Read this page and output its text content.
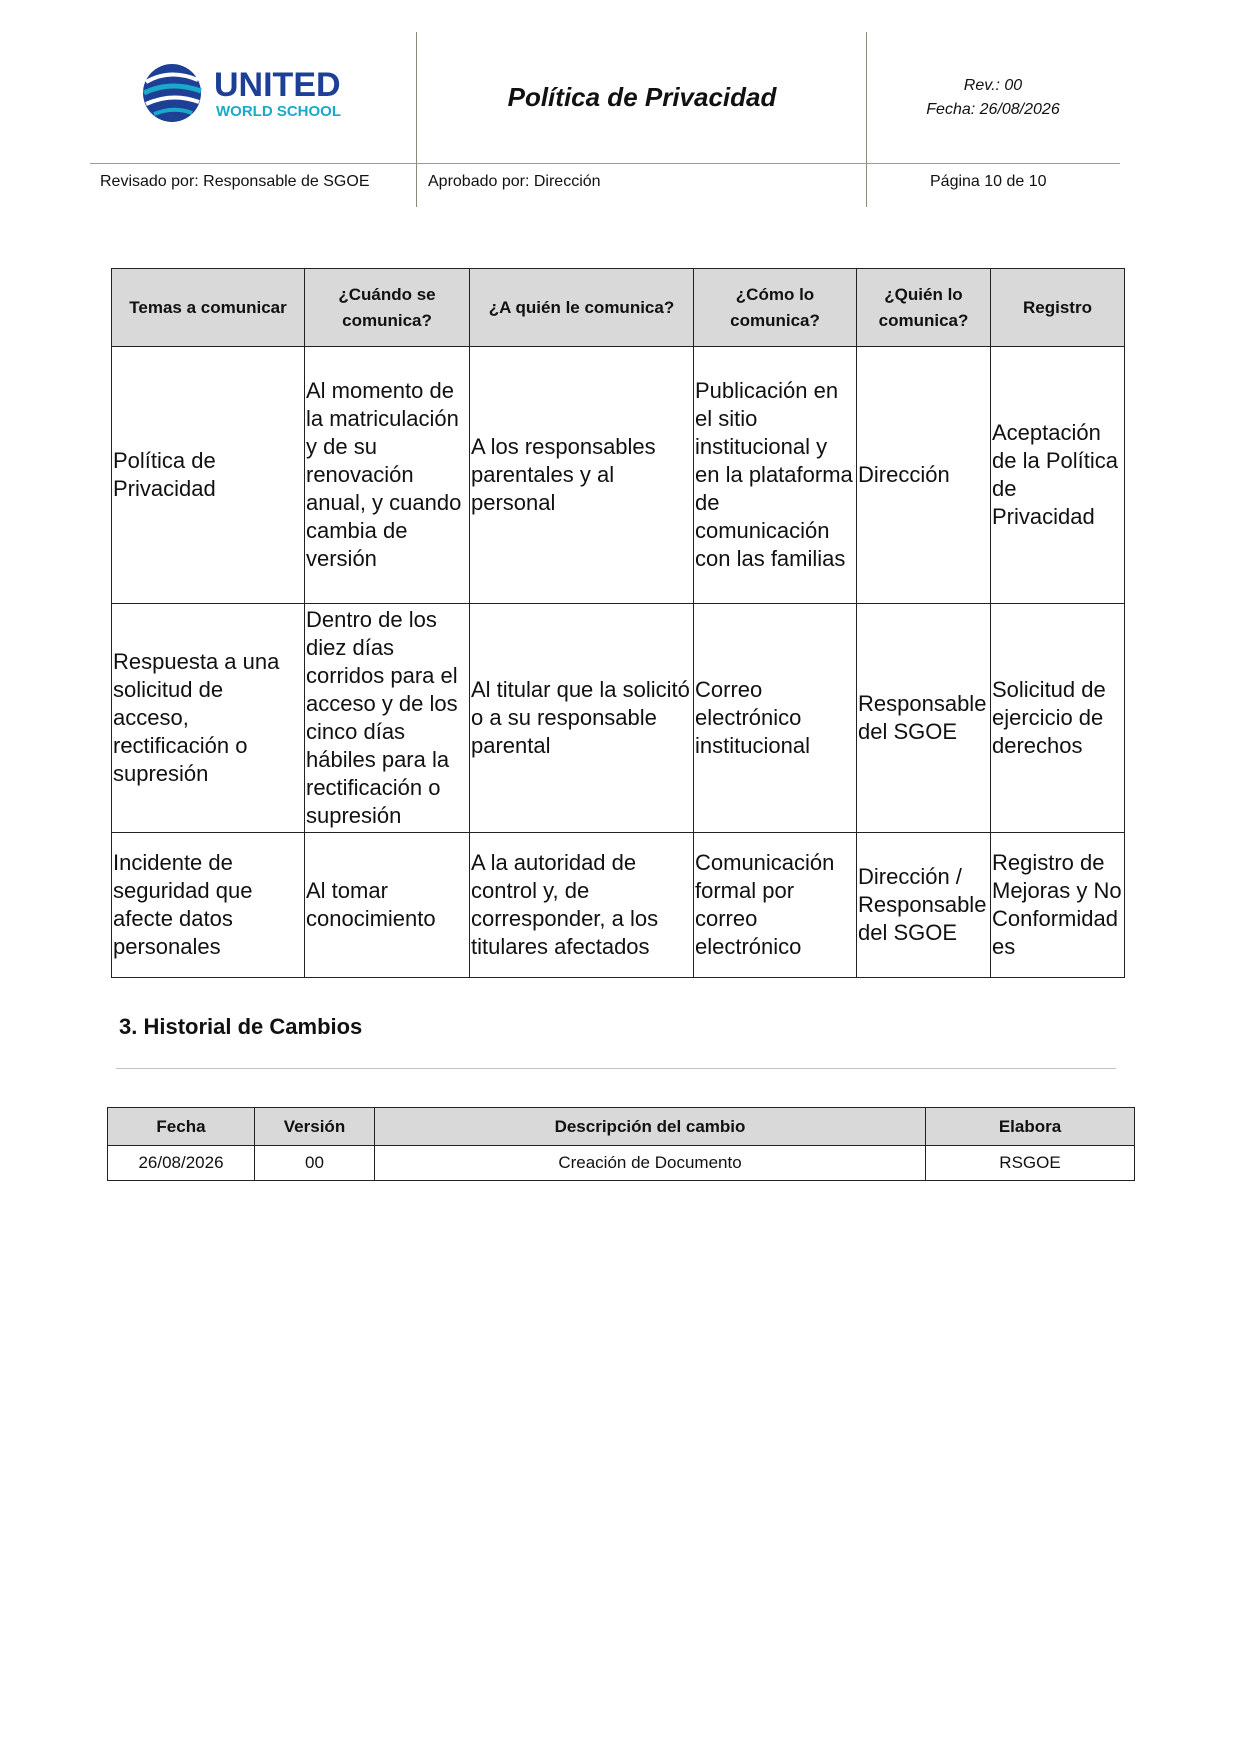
UNITED
WORLD SCHOOL	Política de Privacidad	Rev.: 00
Fecha: 26/08/2026
Revisado por: Responsable de SGOE	Aprobado por: Dirección	Página 10 de 10
Temas a comunicar	¿Cuándo se comunica?	¿A quién le comunica?	¿Cómo lo comunica?	¿Quién lo comunica?	Registro
Política de Privacidad	Al momento de la matriculación y de su renovación anual, y cuando cambia de versión	A los responsables parentales y al personal	Publicación en el sitio institucional y en la plataforma de comunicación con las familias	Dirección	Aceptación de la Política de Privacidad
Respuesta a una solicitud de acceso, rectificación o supresión	Dentro de los diez días corridos para el acceso y de los cinco días hábiles para la rectificación o supresión	Al titular que la solicitó o a su responsable parental	Correo electrónico institucional	Responsable del SGOE	Solicitud de ejercicio de derechos
Incidente de seguridad que afecte datos personales	Al tomar conocimiento	A la autoridad de control y, de corresponder, a los titulares afectados	Comunicación formal por correo electrónico	Dirección / Responsable del SGOE	Registro de Mejoras y No Conformidades
3. Historial de Cambios
Fecha	Versión	Descripción del cambio	Elabora
26/08/2026	00	Creación de Documento	RSGOE
